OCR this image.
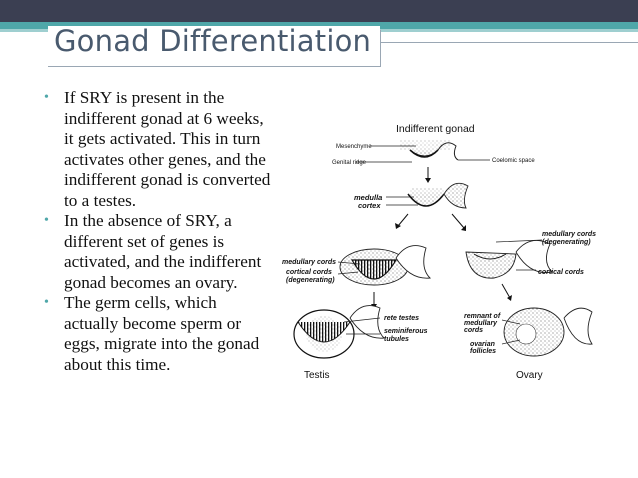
Gonad Differentiation
• If SRY is present in the indifferent gonad at 6 weeks, it gets activated. This in turn activates other genes, and the indifferent gonad is converted to a testes.
• In the absence of SRY, a different set of genes is activated, and the indifferent gonad becomes an ovary.
• The germ cells, which actually become sperm or eggs, migrate into the gonad about this time.
Indifferent gonad
Mesenchyme
Genital ridge	Coelomic space
medulla
cortex
medullary cords
cortical cords
(degenerating)
medullary cords
(degenerating)
cortical cords
rete testes
seminiferous
tubules
remnant of
medullary
cords
ovarian
follicles
Testis	Ovary
